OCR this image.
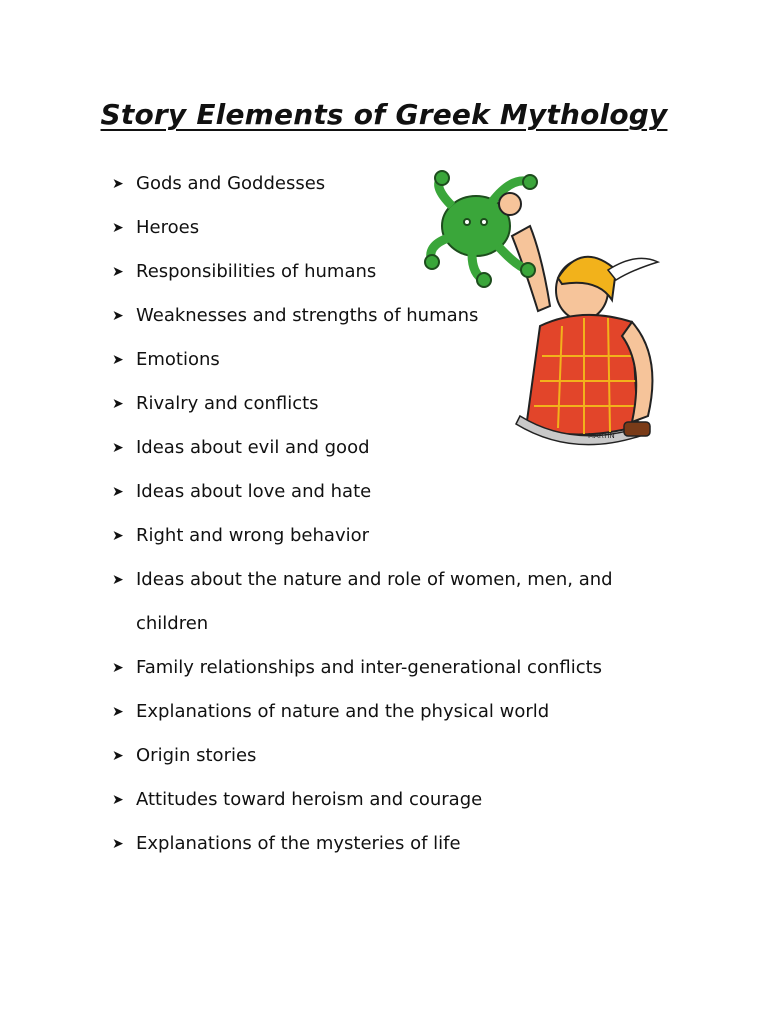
Story Elements of Greek Mythology
➤ Gods and Goddesses
➤ Heroes
➤ Responsibilities of humans
➤ Weaknesses and strengths of humans
➤ Emotions
➤ Rivalry and conflicts
➤ Ideas about evil and good
➤ Ideas about love and hate
➤ Right and wrong behavior
➤ Ideas about the nature and role of women, men, and children
➤ Family relationships and inter-generational conflicts
➤ Explanations of nature and the physical world
➤ Origin stories
➤ Attitudes toward heroism and courage
➤ Explanations of the mysteries of life
MARTIN
